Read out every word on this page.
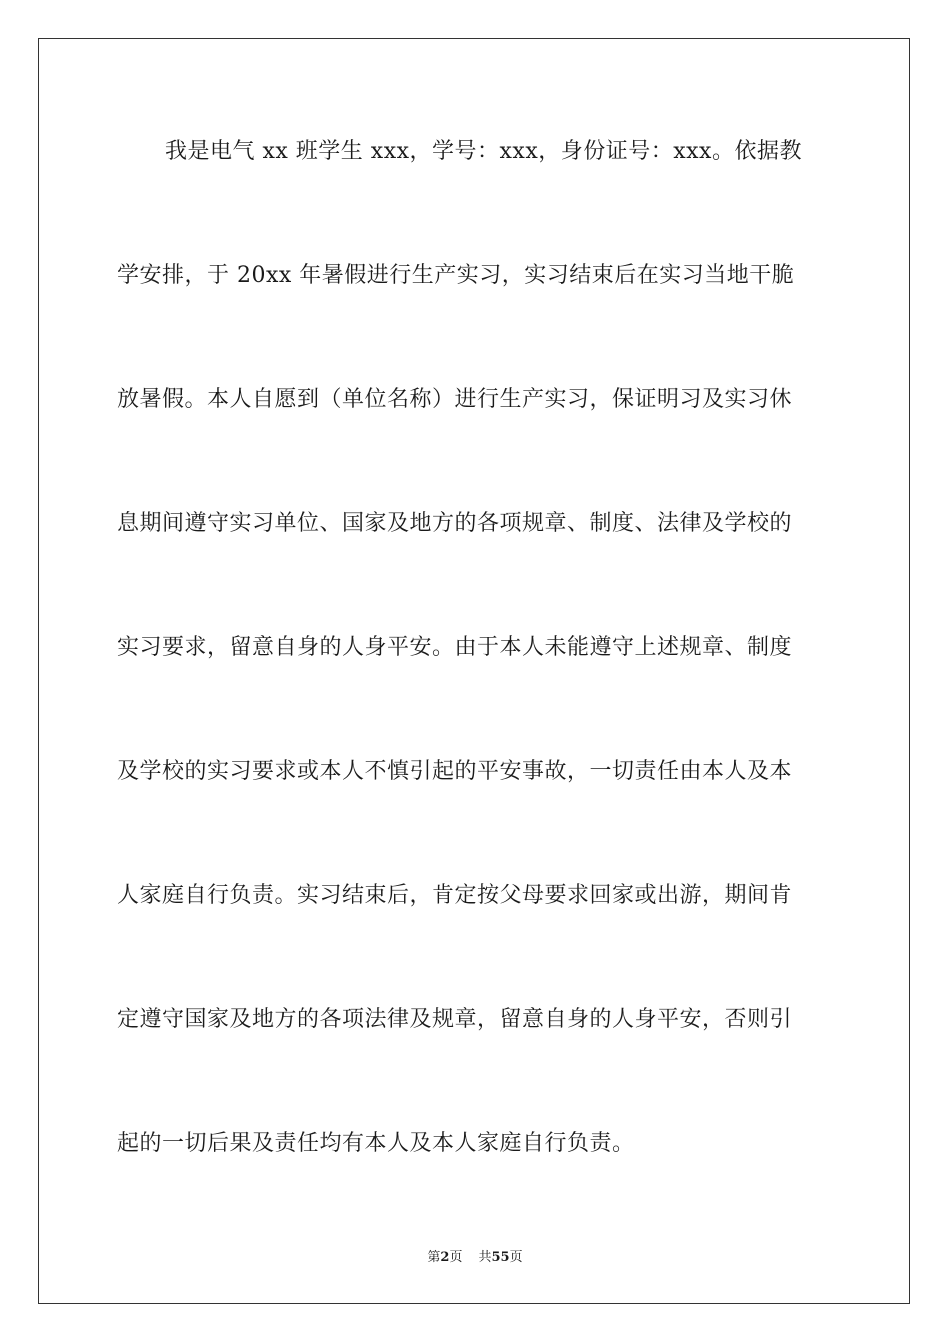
我是电气 xx 班学生 xxx，学号：xxx，身份证号：xxx。依据教
学安排，于 20xx 年暑假进行生产实习，实习结束后在实习当地干脆
放暑假。本人自愿到（单位名称）进行生产实习，保证明习及实习休
息期间遵守实习单位、国家及地方的各项规章、制度、法律及学校的
实习要求，留意自身的人身平安。由于本人未能遵守上述规章、制度
及学校的实习要求或本人不慎引起的平安事故，一切责任由本人及本
人家庭自行负责。实习结束后，肯定按父母要求回家或出游，期间肯
定遵守国家及地方的各项法律及规章，留意自身的人身平安，否则引
起的一切后果及责任均有本人及本人家庭自行负责。
第2页 共55页
